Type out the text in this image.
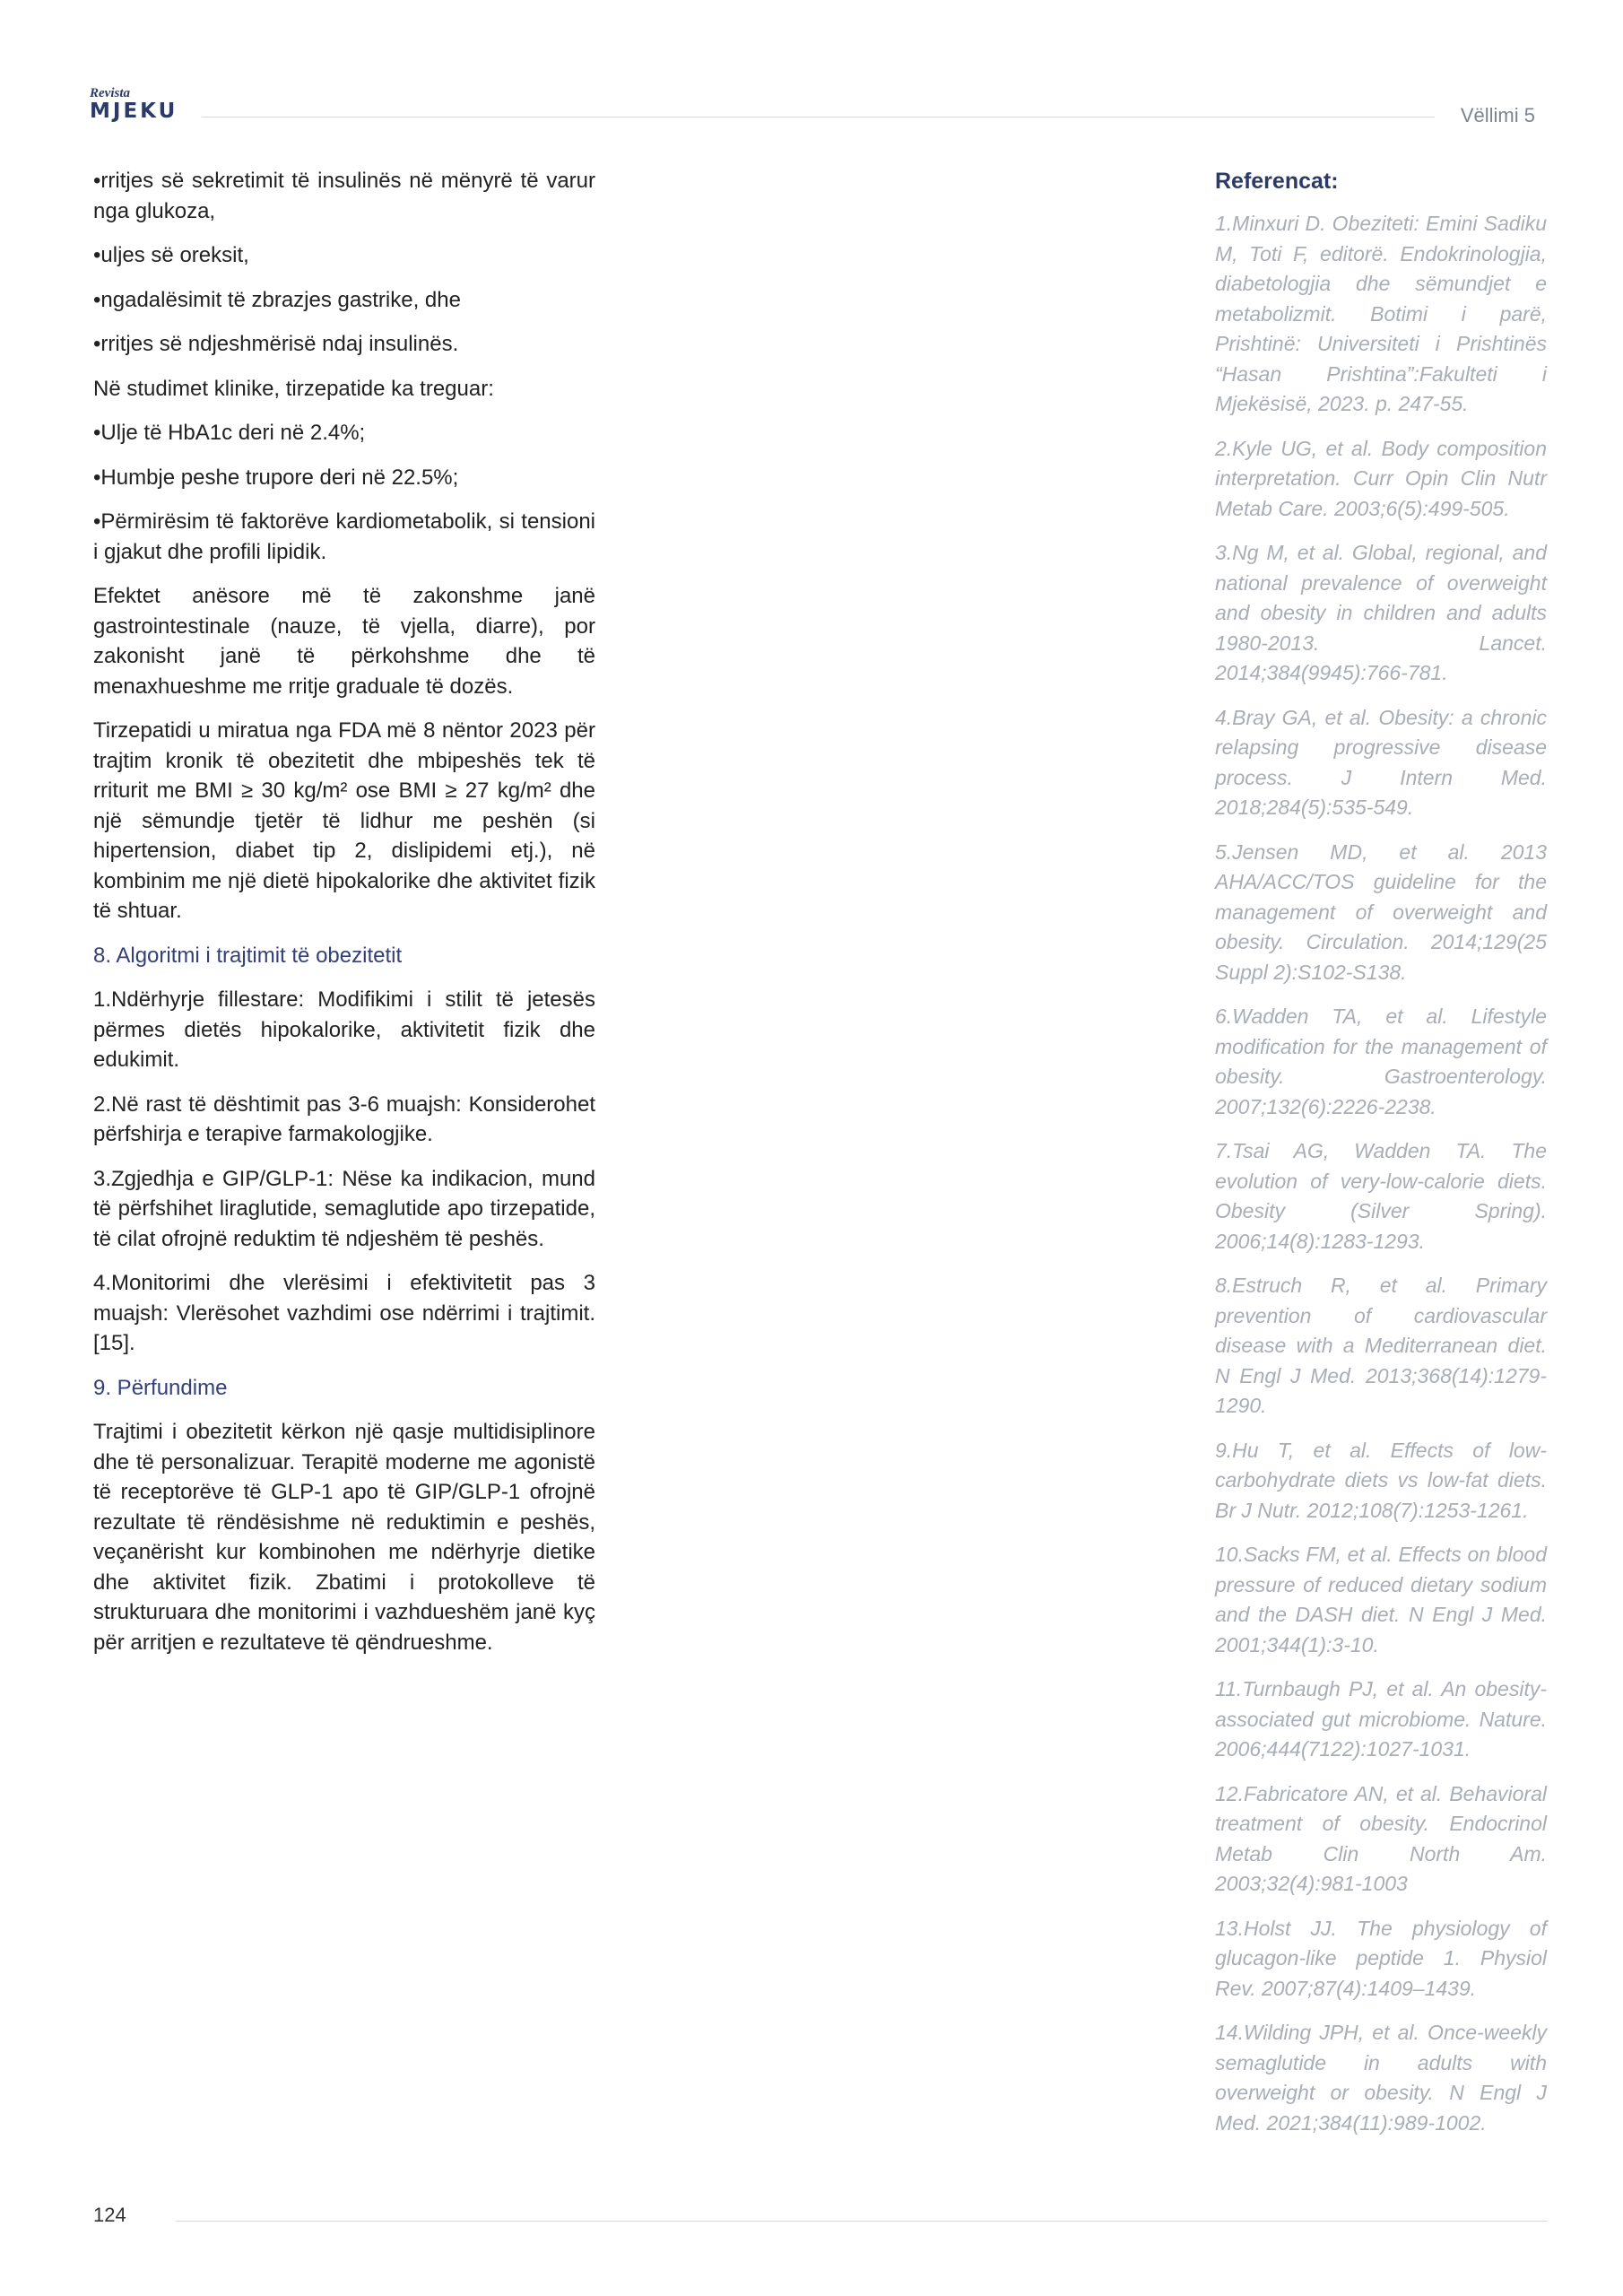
Revista
MJEKU	Vëllimi 5

•rritjes së sekretimit të insulinës në mënyrë të varur nga glukoza,

•uljes së oreksit,

•ngadalësimit të zbrazjes gastrike, dhe

•rritjes së ndjeshmërisë ndaj insulinës.

Në studimet klinike, tirzepatide ka treguar:

•Ulje të HbA1c deri në 2.4%;

•Humbje peshe trupore deri në 22.5%;

•Përmirësim të faktorëve kardiometabolik, si tensioni i gjakut dhe profili lipidik.

Efektet anësore më të zakonshme janë gastrointestinale (nauze, të vjella, diarre), por zakonisht janë të përkohshme dhe të menaxhueshme me rritje graduale të dozës.

Tirzepatidi u miratua nga FDA më 8 nëntor 2023 për trajtim kronik të obezitetit dhe mbipeshës tek të rriturit me BMI ≥ 30 kg/m² ose BMI ≥ 27 kg/m² dhe një sëmundje tjetër të lidhur me peshën (si hipertension, diabet tip 2, dislipidemi etj.), në kombinim me një dietë hipokalorike dhe aktivitet fizik të shtuar.

8. Algoritmi i trajtimit të obezitetit

1.Ndërhyrje fillestare: Modifikimi i stilit të jetesës përmes dietës hipokalorike, aktivitetit fizik dhe edukimit.

2.Në rast të dështimit pas 3-6 muajsh: Konsiderohet përfshirja e terapive farmakologjike.

3.Zgjedhja e GIP/GLP-1: Nëse ka indikacion, mund të përfshihet liraglutide, semaglutide apo tirzepatide, të cilat ofrojnë reduktim të ndjeshëm të peshës.

4.Monitorimi dhe vlerësimi i efektivitetit pas 3 muajsh: Vlerësohet vazhdimi ose ndërrimi i trajtimit. [15].

9. Përfundime

Trajtimi i obezitetit kërkon një qasje multidisiplinore dhe të personalizuar. Terapitë moderne me agonistë të receptorëve të GLP-1 apo të GIP/GLP-1 ofrojnë rezultate të rëndësishme në reduktimin e peshës, veçanërisht kur kombinohen me ndërhyrje dietike dhe aktivitet fizik. Zbatimi i protokolleve të strukturuara dhe monitorimi i vazhdueshëm janë kyç për arritjen e rezultateve të qëndrueshme.

Referencat:

1.Minxuri D. Obeziteti: Emini Sadiku M, Toti F, editorë. Endokrinologjia, diabetologjia dhe sëmundjet e metabolizmit. Botimi i parë, Prishtinë: Universiteti i Prishtinës “Hasan Prishtina”:Fakulteti i Mjekësisë, 2023. p. 247-55.

2.Kyle UG, et al. Body composition interpretation. Curr Opin Clin Nutr Metab Care. 2003;6(5):499-505.

3.Ng M, et al. Global, regional, and national prevalence of overweight and obesity in children and adults 1980-2013. Lancet. 2014;384(9945):766-781.

4.Bray GA, et al. Obesity: a chronic relapsing progressive disease process. J Intern Med. 2018;284(5):535-549.

5.Jensen MD, et al. 2013 AHA/ACC/TOS guideline for the management of overweight and obesity. Circulation. 2014;129(25 Suppl 2):S102-S138.

6.Wadden TA, et al. Lifestyle modification for the management of obesity. Gastroenterology. 2007;132(6):2226-2238.

7.Tsai AG, Wadden TA. The evolution of very-low-calorie diets. Obesity (Silver Spring). 2006;14(8):1283-1293.

8.Estruch R, et al. Primary prevention of cardiovascular disease with a Mediterranean diet. N Engl J Med. 2013;368(14):1279-1290.

9.Hu T, et al. Effects of low-carbohydrate diets vs low-fat diets. Br J Nutr. 2012;108(7):1253-1261.

10.Sacks FM, et al. Effects on blood pressure of reduced dietary sodium and the DASH diet. N Engl J Med. 2001;344(1):3-10.

11.Turnbaugh PJ, et al. An obesity-associated gut microbiome. Nature. 2006;444(7122):1027-1031.

12.Fabricatore AN, et al. Behavioral treatment of obesity. Endocrinol Metab Clin North Am. 2003;32(4):981-1003

13.Holst JJ. The physiology of glucagon-like peptide 1. Physiol Rev. 2007;87(4):1409–1439.

14.Wilding JPH, et al. Once-weekly semaglutide in adults with overweight or obesity. N Engl J Med. 2021;384(11):989-1002.

124
